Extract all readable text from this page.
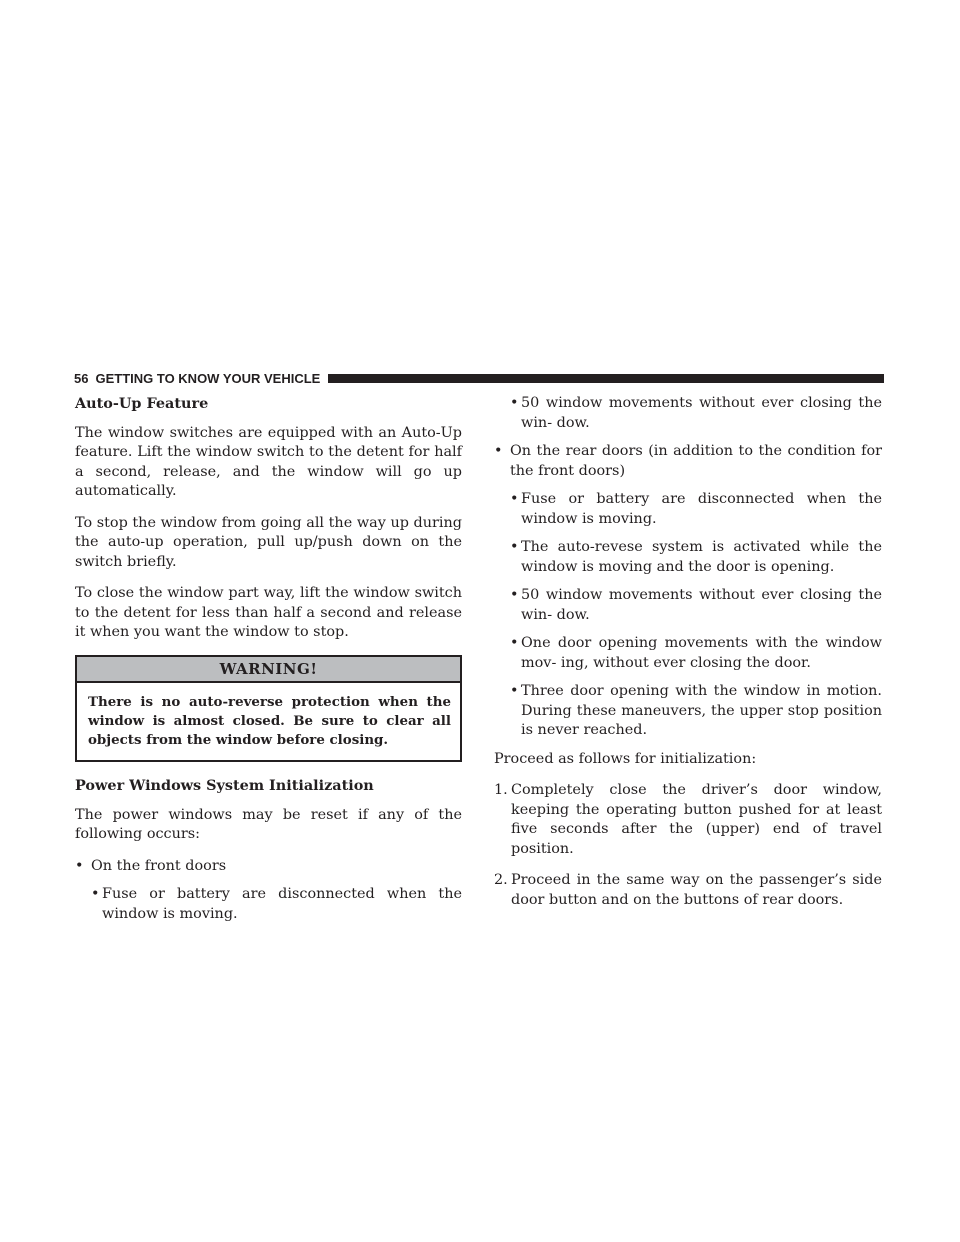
56 GETTING TO KNOW YOUR VEHICLE
Auto-Up Feature

The window switches are equipped with an Auto-Up feature. Lift the window switch to the detent for half a second, release, and the window will go up automatically.

To stop the window from going all the way up during the auto-up operation, pull up/push down on the switch briefly.

To close the window part way, lift the window switch to the detent for less than half a second and release it when you want the window to stop.

WARNING!
There is no auto-reverse protection when the window is almost closed. Be sure to clear all objects from the window before closing.
Power Windows System Initialization

The power windows may be reset if any of the following occurs:

• On the front doors
• Fuse or battery are disconnected when the window is moving.
• 50 window movements without ever closing the win- dow.
• On the rear doors (in addition to the condition for the front doors)
• Fuse or battery are disconnected when the window is moving.
• The auto-revese system is activated while the window is moving and the door is opening.
• 50 window movements without ever closing the win- dow.
• One door opening movements with the window mov- ing, without ever closing the door.
• Three door opening with the window in motion. During these maneuvers, the upper stop position is never reached.

Proceed as follows for initialization:

1. Completely close the driver’s door window, keeping the operating button pushed for at least five seconds after the (upper) end of travel position.
2. Proceed in the same way on the passenger’s side door button and on the buttons of rear doors.
